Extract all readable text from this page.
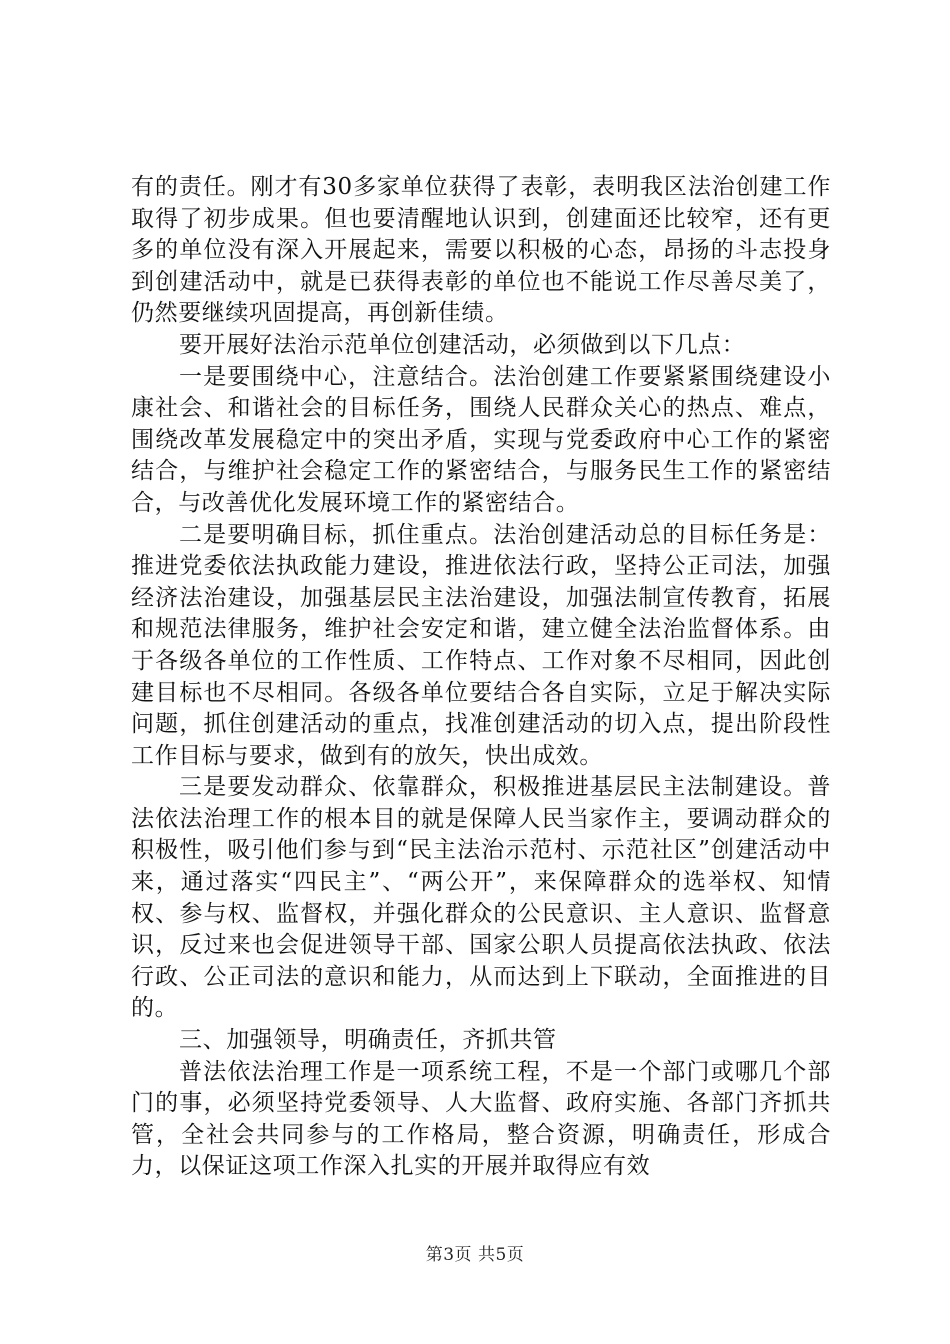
有的责任。刚才有30多家单位获得了表彰，表明我区法治创建工作取得了初步成果。但也要清醒地认识到，创建面还比较窄，还有更多的单位没有深入开展起来，需要以积极的心态，昂扬的斗志投身到创建活动中，就是已获得表彰的单位也不能说工作尽善尽美了，仍然要继续巩固提高，再创新佳绩。

要开展好法治示范单位创建活动，必须做到以下几点：

一是要围绕中心，注意结合。法治创建工作要紧紧围绕建设小康社会、和谐社会的目标任务，围绕人民群众关心的热点、难点，围绕改革发展稳定中的突出矛盾，实现与党委政府中心工作的紧密结合，与维护社会稳定工作的紧密结合，与服务民生工作的紧密结合，与改善优化发展环境工作的紧密结合。

二是要明确目标，抓住重点。法治创建活动总的目标任务是：推进党委依法执政能力建设，推进依法行政，坚持公正司法，加强经济法治建设，加强基层民主法治建设，加强法制宣传教育，拓展和规范法律服务，维护社会安定和谐，建立健全法治监督体系。由于各级各单位的工作性质、工作特点、工作对象不尽相同，因此创建目标也不尽相同。各级各单位要结合各自实际，立足于解决实际问题，抓住创建活动的重点，找准创建活动的切入点，提出阶段性工作目标与要求，做到有的放矢，快出成效。

三是要发动群众、依靠群众，积极推进基层民主法制建设。普法依法治理工作的根本目的就是保障人民当家作主，要调动群众的积极性，吸引他们参与到“民主法治示范村、示范社区”创建活动中来，通过落实“四民主”、“两公开”，来保障群众的选举权、知情权、参与权、监督权，并强化群众的公民意识、主人意识、监督意识，反过来也会促进领导干部、国家公职人员提高依法执政、依法行政、公正司法的意识和能力，从而达到上下联动，全面推进的目的。

三、加强领导，明确责任，齐抓共管

普法依法治理工作是一项系统工程，不是一个部门或哪几个部门的事，必须坚持党委领导、人大监督、政府实施、各部门齐抓共管，全社会共同参与的工作格局，整合资源，明确责任，形成合力，以保证这项工作深入扎实的开展并取得应有效

第3页 共5页
